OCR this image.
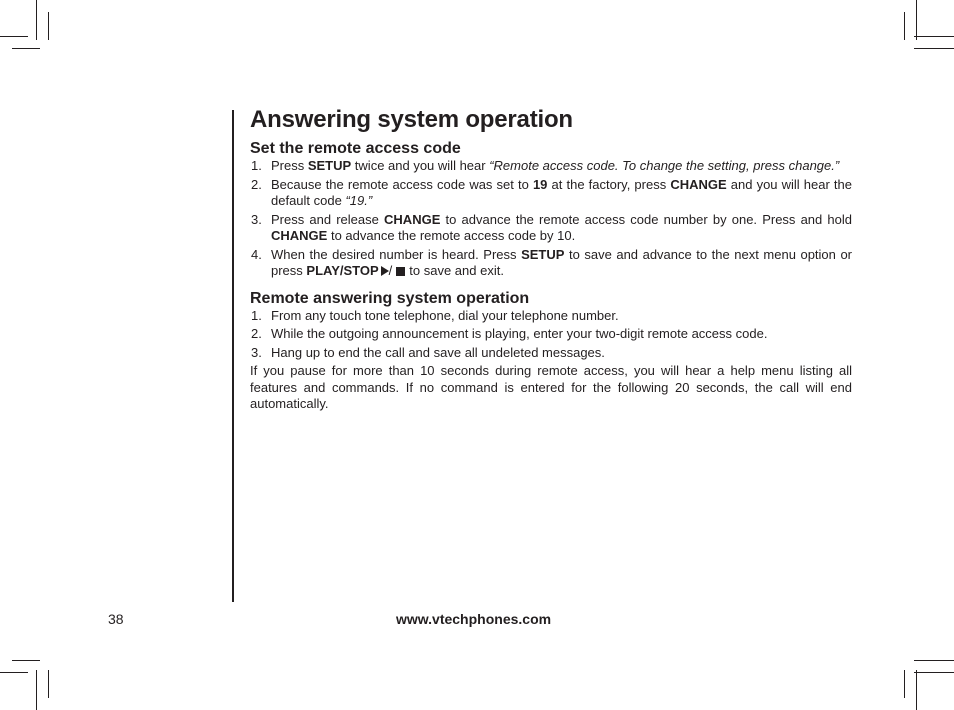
Answering system operation
Set the remote access code
1. Press SETUP twice and you will hear “Remote access code. To change the setting, press change.”
2. Because the remote access code was set to 19 at the factory, press CHANGE and you will hear the default code “19.”
3. Press and release CHANGE to advance the remote access code number by one. Press and hold CHANGE to advance the remote access code by 10.
4. When the desired number is heard. Press SETUP to save and advance to the next menu option or press PLAY/STOP / to save and exit.
Remote answering system operation
1. From any touch tone telephone, dial your telephone number.
2. While the outgoing announcement is playing, enter your two-digit remote access code.
3. Hang up to end the call and save all undeleted messages.

If you pause for more than 10 seconds during remote access, you will hear a help menu listing all features and commands. If no command is entered for the following 20 seconds, the call will end automatically.

38	www.vtechphones.com
